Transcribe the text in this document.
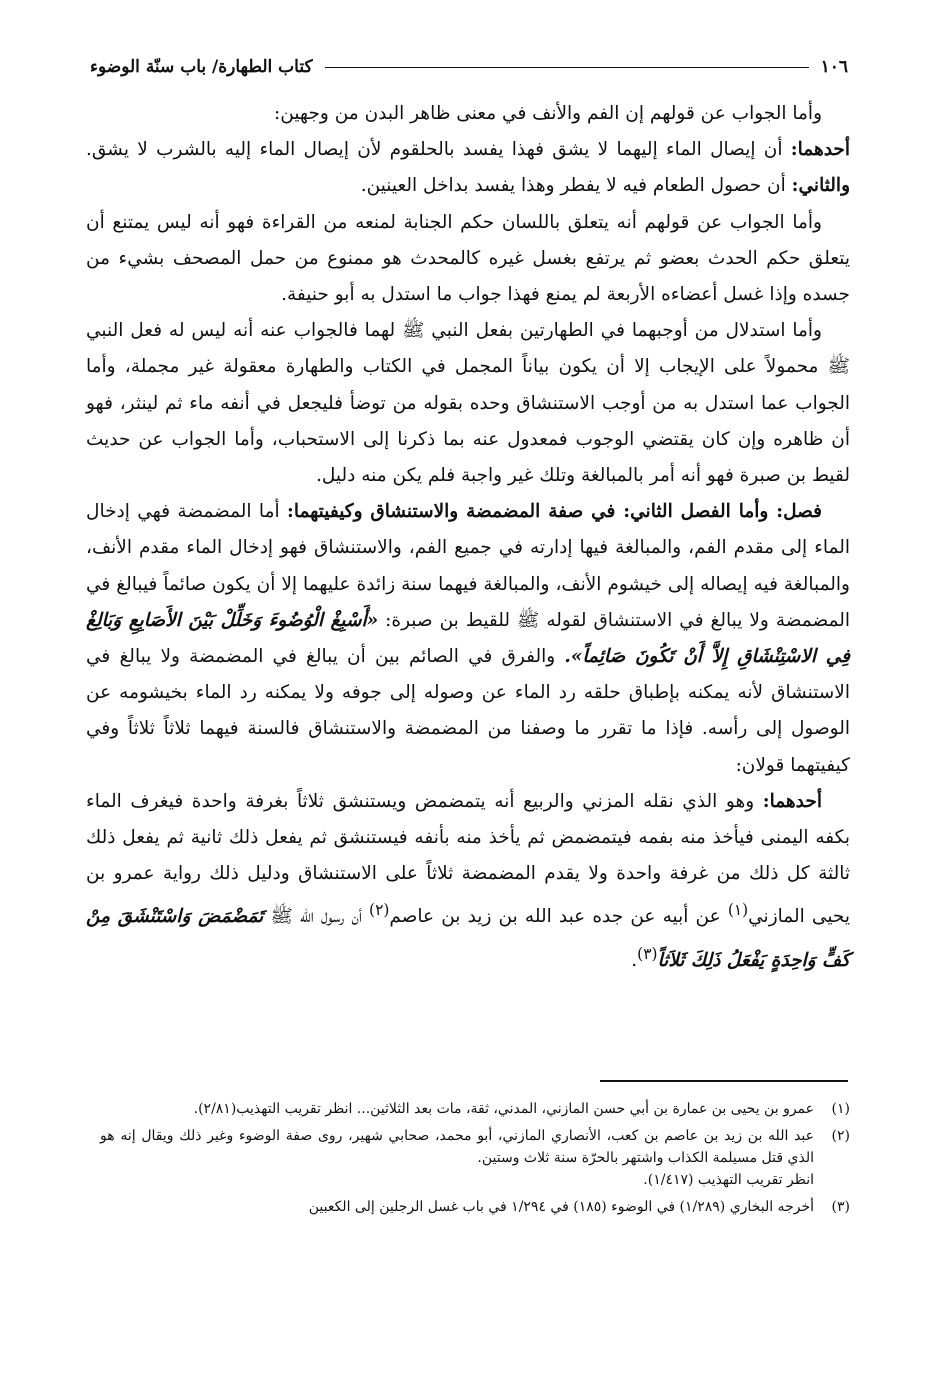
١٠٦
كتاب الطهارة/ باب سنّة الوضوء

وأما الجواب عن قولهم إن الفم والأنف في معنى ظاهر البدن من وجهين:

أحدهما: أن إيصال الماء إليهما لا يشق فهذا يفسد بالحلقوم لأن إيصال الماء إليه بالشرب لا يشق. والثاني: أن حصول الطعام فيه لا يفطر وهذا يفسد بداخل العينين.

وأما الجواب عن قولهم أنه يتعلق باللسان حكم الجنابة لمنعه من القراءة فهو أنه ليس يمتنع أن يتعلق حكم الحدث بعضو ثم يرتفع بغسل غيره كالمحدث هو ممنوع من حمل المصحف بشيء من جسده وإذا غسل أعضاءه الأربعة لم يمنع فهذا جواب ما استدل به أبو حنيفة.

وأما استدلال من أوجبهما في الطهارتين بفعل النبي ﷺ لهما فالجواب عنه أنه ليس له فعل النبي ﷺ محمولاً على الإيجاب إلا أن يكون بياناً المجمل في الكتاب والطهارة معقولة غير مجملة، وأما الجواب عما استدل به من أوجب الاستنشاق وحده بقوله من توضأ فليجعل في أنفه ماء ثم لينثر، فهو أن ظاهره وإن كان يقتضي الوجوب فمعدول عنه بما ذكرنا إلى الاستحباب، وأما الجواب عن حديث لقيط بن صبرة فهو أنه أمر بالمبالغة وتلك غير واجبة فلم يكن منه دليل.

فصل: وأما الفصل الثاني: في صفة المضمضة والاستنشاق وكيفيتهما: أما المضمضة فهي إدخال الماء إلى مقدم الفم، والمبالغة فيها إدارته في جميع الفم، والاستنشاق فهو إدخال الماء مقدم الأنف، والمبالغة فيه إيصاله إلى خيشوم الأنف، والمبالغة فيهما سنة زائدة عليهما إلا أن يكون صائماً فيبالغ في المضمضة ولا يبالغ في الاستنشاق لقوله ﷺ للقيط بن صبرة: «أَسْبِغْ الْوُضُوءَ وَخَلِّلْ بَيْنَ الأَصَابِعِ وَبَالِغْ فِي الاسْتِنْشَاقِ إِلاَّ أَنْ تَكُونَ صَائِماً». والفرق في الصائم بين أن يبالغ في المضمضة ولا يبالغ في الاستنشاق لأنه يمكنه بإطباق حلقه رد الماء عن وصوله إلى جوفه ولا يمكنه رد الماء بخيشومه عن الوصول إلى رأسه. فإذا ما تقرر ما وصفنا من المضمضة والاستنشاق فالسنة فيهما ثلاثاً ثلاثاً وفي كيفيتهما قولان:

أحدهما: وهو الذي نقله المزني والربيع أنه يتمضمض ويستنشق ثلاثاً بغرفة واحدة فيغرف الماء بكفه اليمنى فيأخذ منه بفمه فيتمضمض ثم يأخذ منه بأنفه فيستنشق ثم يفعل ذلك ثانية ثم يفعل ذلك ثالثة كل ذلك من غرفة واحدة ولا يقدم المضمضة ثلاثاً على الاستنشاق ودليل ذلك رواية عمرو بن يحيى المازني$^{(١)}$ عن أبيه عن جده عبد الله بن زيد بن عاصم$^{(٢)}$ أن رسول الله ﷺ تَمَضْمَضَ وَاسْتَنْشَقَ مِنْ كَفٍّ وَاحِدَةٍ يَفْعَلُ ذَلِكَ ثَلاَثاً$^{(٣)}$.

(١)
عمرو بن يحيى بن عمارة بن أبي حسن المازني، المدني، ثقة، مات بعد الثلاثين... انظر تقريب التهذيب(٢/٨١).
(٢)
عبد الله بن زيد بن عاصم بن كعب، الأنصاري المازني، أبو محمد، صحابي شهير، روى صفة الوضوء وغير ذلك ويقال إنه هو الذي قتل مسيلمة الكذاب واشتهر بالحرّة سنة ثلاث وستين.
انظر تقريب التهذيب (١/٤١٧).
(٣)
أخرجه البخاري (١/٢٨٩) في الوضوء (١٨٥) في ١/٢٩٤ في باب غسل الرجلين إلى الكعبين
